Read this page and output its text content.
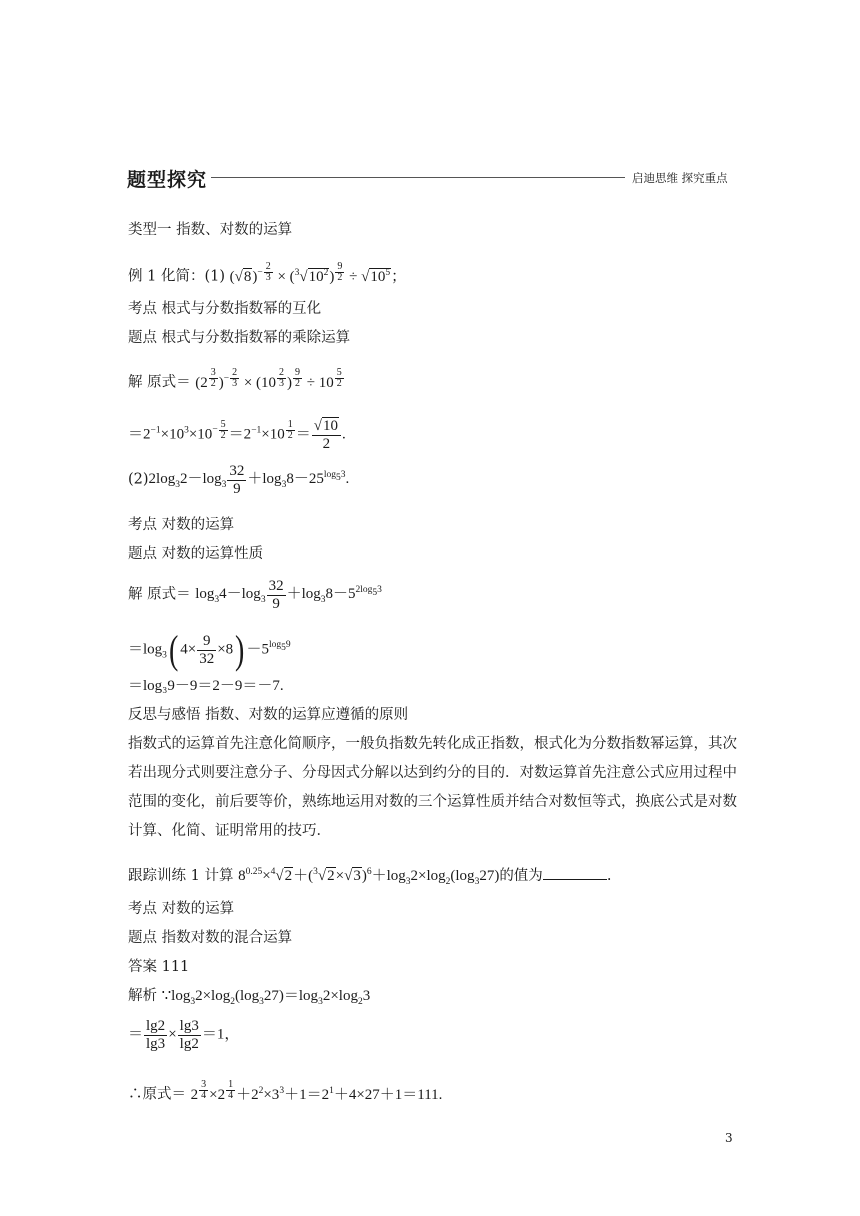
题型探究	启迪思维 探究重点
类型一 指数、对数的运算
例 1 化简：(1) $(√8)^{- \frac{2}{3}} \times (^3√10^2) ^{\frac{9}{2}} \div √10^5$；
考点 根式与分数指数幂的互化
题点 根式与分数指数幂的乘除运算
解 原式＝ (2 $^{\frac{3}{2}}$ )$^{- \frac{2}{3}}$ × (10 $^{\frac{2}{3}}$ ) $^{\frac{9}{2}}$ ÷ 10 $^{\frac{5}{2}}$
$=2^{-1}\times 10^3\times 10^{- \frac{5}{2}} =2^{-1}\times 10$ $^{\frac{1}{2}} = \frac{√10}{2}$ .
$(2)2\log_32-\log_3 \frac{32}{9} +\log_38-25^{log_53}$.
考点 对数的运算
题点 对数的运算性质
解 原式＝ $\log_34-\log_3 \frac{32}{9} +\log_38-5^{2log_53}$
$=\log_3$( $4\times \frac{9}{32} \times 8) -5^{log_59}$
＝log₃9－9＝2－9＝－7.
反思与感悟 指数、对数的运算应遵循的原则
指数式的运算首先注意化简顺序，一般负指数先转化成正指数，根式化为分数指数幂运算，其次若出现分式则要注意分子、分母因式分解以达到约分的目的．对数运算首先注意公式应用过程中范围的变化，前后要等价，熟练地运用对数的三个运算性质并结合对数恒等式，换底公式是对数计算、化简、证明常用的技巧．
跟踪训练 1 计算 $8^{0.25}\times^4√2+(^3√2\times√3)^6+\log_32\times\log_2(\log_327)$的值为	.
考点 对数的运算
题点 指数对数的混合运算
答案 111
解析 $\because\log_32\times\log_2(\log_327)=\log_32\times\log_23$
＝ $\frac{\lg 2}{\lg 3} \times \frac{\lg 3}{\lg 2} =1$，
∴原式＝ 2 $^{\frac{3}{4}}$ ×2 $^{\frac{1}{4}} +2^2\times 3^3+1=2^1+4\times 27+1=111$.
3
